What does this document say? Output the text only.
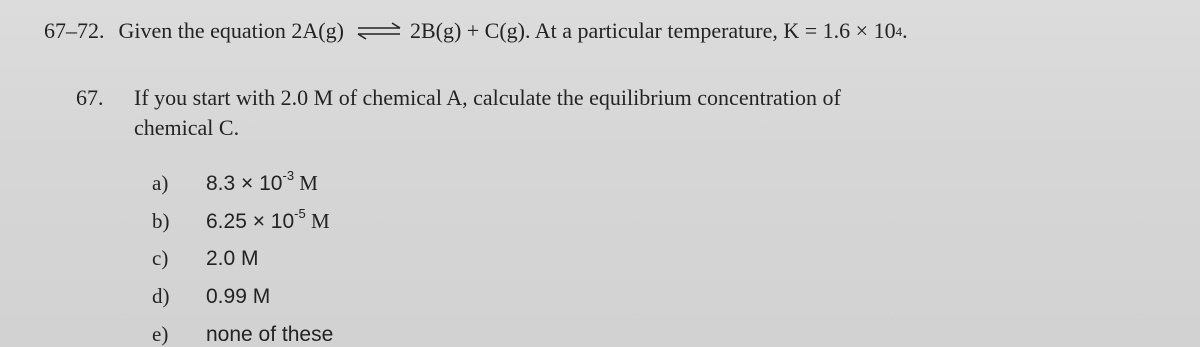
67–72. Given the equation 2A(g) ⇌ 2B(g) + C(g). At a particular temperature, $K = 1.6 \times 10^4$ .
67. If you start with 2.0 M of chemical A, calculate the equilibrium concentration of
chemical C.
a)	$8.3 \times 10^{-3}$ M
b)	$6.25 \times 10^{-5}$ M
c)	2.0 M
d)	0.99 M
e)	none of these
